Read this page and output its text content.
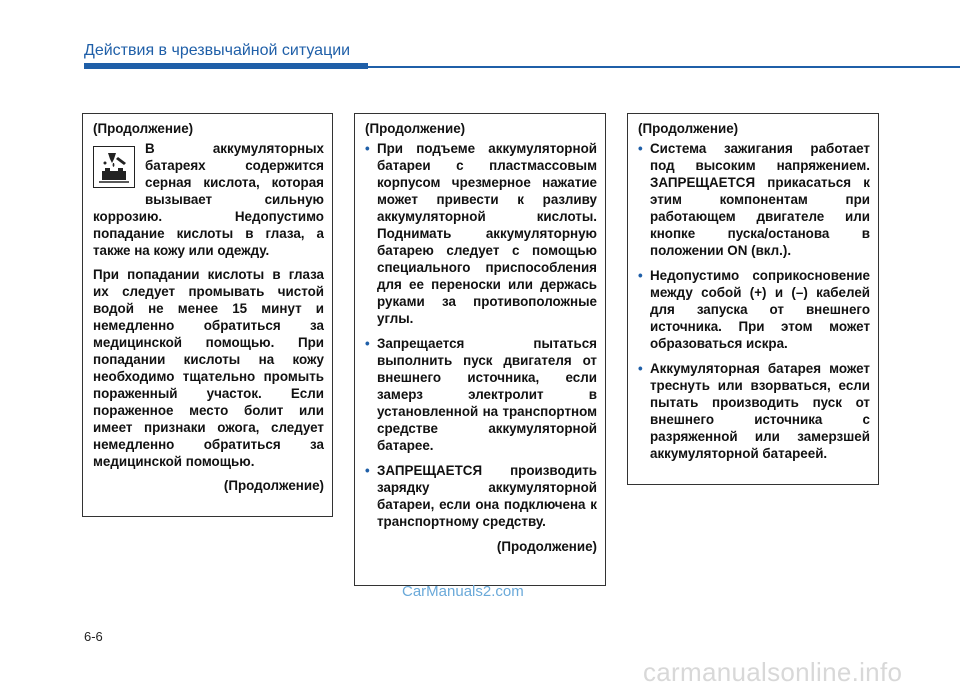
Действия в чрезвычайной ситуации

(Продолжение)

В аккумуляторных батареях содержится серная кислота, которая вызывает сильную коррозию. Недопустимо попадание кислоты в глаза, а также на кожу или одежду.

При попадании кислоты в глаза их следует промывать чистой водой не менее 15 минут и немедленно обратиться за медицинской помощью. При попадании кислоты на кожу необходимо тщательно промыть пораженный участок. Если пораженное место болит или имеет признаки ожога, следует немедленно обратиться за медицинской помощью.

(Продолжение)

(Продолжение)

• При подъеме аккумуляторной батареи с пластмассовым корпусом чрезмерное нажатие может привести к разливу аккумуляторной кислоты. Поднимать аккумуляторную батарею следует с помощью специального приспособления для ее переноски или держась руками за противоположные углы.
• Запрещается пытаться выполнить пуск двигателя от внешнего источника, если замерз электролит в установленной на транспортном средстве аккумуляторной батарее.
• ЗАПРЕЩАЕТСЯ производить зарядку аккумуляторной батареи, если она подключена к транспортному средству.

(Продолжение)

(Продолжение)

• Система зажигания работает под высоким напряжением. ЗАПРЕЩАЕТСЯ прикасаться к этим компонентам при работающем двигателе или кнопке пуска/останова в положении ON (вкл.).
• Недопустимо соприкосновение между собой (+) и (–) кабелей для запуска от внешнего источника. При этом может образоваться искра.
• Аккумуляторная батарея может треснуть или взорваться, если пытать производить пуск от внешнего источника с разряженной или замерзшей аккумуляторной батареей.
CarManuals2.com
6-6
carmanualsonline.info
